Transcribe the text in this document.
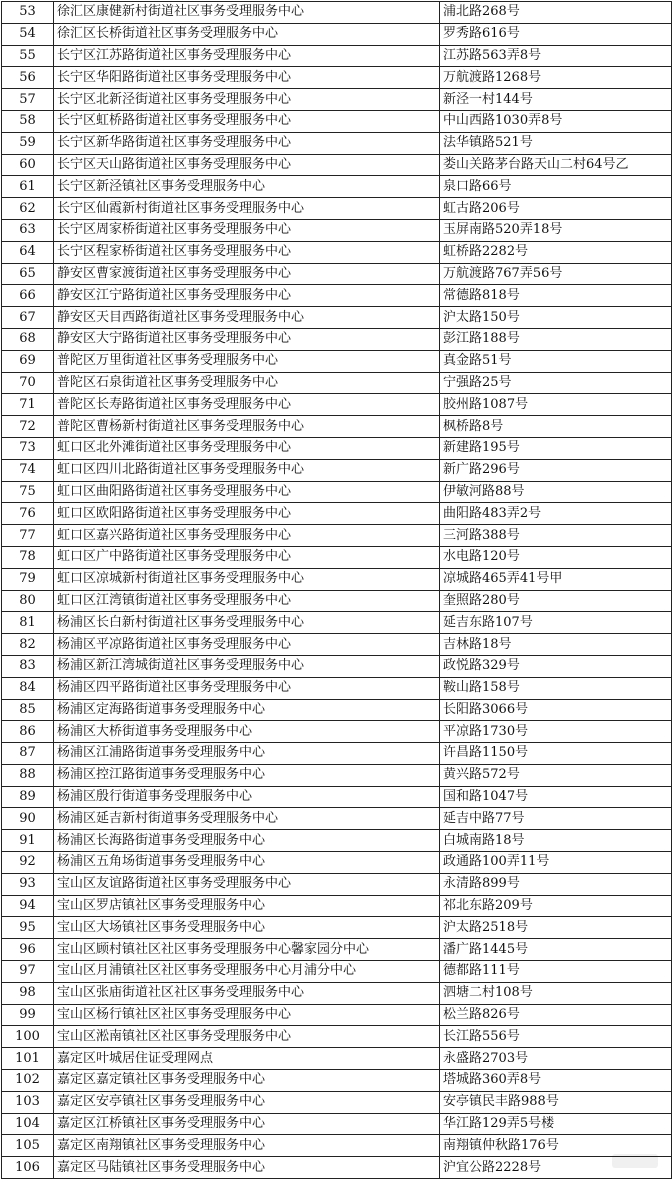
53	徐汇区康健新村街道社区事务受理服务中心	浦北路268号
54	徐汇区长桥街道社区事务受理服务中心	罗秀路616号
55	长宁区江苏路街道社区事务受理服务中心	江苏路563弄8号
56	长宁区华阳路街道社区事务受理服务中心	万航渡路1268号
57	长宁区北新泾街道社区事务受理服务中心	新泾一村144号
58	长宁区虹桥路街道社区事务受理服务中心	中山西路1030弄8号
59	长宁区新华路街道社区事务受理服务中心	法华镇路521号
60	长宁区天山路街道社区事务受理服务中心	娄山关路茅台路天山二村64号乙
61	长宁区新泾镇社区事务受理服务中心	泉口路66号
62	长宁区仙霞新村街道社区事务受理服务中心	虹古路206号
63	长宁区周家桥街道社区事务受理服务中心	玉屏南路520弄18号
64	长宁区程家桥街道社区事务受理服务中心	虹桥路2282号
65	静安区曹家渡街道社区事务受理服务中心	万航渡路767弄56号
66	静安区江宁路街道社区事务受理服务中心	常德路818号
67	静安区天目西路街道社区事务受理服务中心	沪太路150号
68	静安区大宁路街道社区事务受理服务中心	彭江路188号
69	普陀区万里街道社区事务受理服务中心	真金路51号
70	普陀区石泉街道社区事务受理服务中心	宁强路25号
71	普陀区长寿路街道社区事务受理服务中心	胶州路1087号
72	普陀区曹杨新村街道社区事务受理服务中心	枫桥路8号
73	虹口区北外滩街道社区事务受理服务中心	新建路195号
74	虹口区四川北路街道社区事务受理服务中心	新广路296号
75	虹口区曲阳路街道社区事务受理服务中心	伊敏河路88号
76	虹口区欧阳路街道社区事务受理服务中心	曲阳路483弄2号
77	虹口区嘉兴路街道社区事务受理服务中心	三河路388号
78	虹口区广中路街道社区事务受理服务中心	水电路120号
79	虹口区凉城新村街道社区事务受理服务中心	凉城路465弄41号甲
80	虹口区江湾镇街道社区事务受理服务中心	奎照路280号
81	杨浦区长白新村街道社区事务受理服务中心	延吉东路107号
82	杨浦区平凉路街道社区事务受理服务中心	吉林路18号
83	杨浦区新江湾城街道社区事务受理服务中心	政悦路329号
84	杨浦区四平路街道社区事务受理服务中心	鞍山路158号
85	杨浦区定海路街道事务受理服务中心	长阳路3066号
86	杨浦区大桥街道事务受理服务中心	平凉路1730号
87	杨浦区江浦路街道事务受理服务中心	许昌路1150号
88	杨浦区控江路街道事务受理服务中心	黄兴路572号
89	杨浦区殷行街道事务受理服务中心	国和路1047号
90	杨浦区延吉新村街道事务受理服务中心	延吉中路77号
91	杨浦区长海路街道事务受理服务中心	白城南路18号
92	杨浦区五角场街道事务受理服务中心	政通路100弄11号
93	宝山区友谊路街道社区事务受理服务中心	永清路899号
94	宝山区罗店镇社区事务受理服务中心	祁北东路209号
95	宝山区大场镇社区事务受理服务中心	沪太路2518号
96	宝山区顾村镇社区社区事务受理服务中心馨家园分中心	潘广路1445号
97	宝山区月浦镇社区社区事务受理服务中心月浦分中心	德都路111号
98	宝山区张庙街道社区社区事务受理服务中心	泗塘二村108号
99	宝山区杨行镇社区社区事务受理服务中心	松兰路826号
100	宝山区淞南镇社区社区事务受理服务中心	长江路556号
101	嘉定区叶城居住证受理网点	永盛路2703号
102	嘉定区嘉定镇社区事务受理服务中心	塔城路360弄8号
103	嘉定区安亭镇社区事务受理服务中心	安亭镇民丰路988号
104	嘉定区江桥镇社区事务受理服务中心	华江路129弄5号楼
105	嘉定区南翔镇社区事务受理服务中心	南翔镇仲秋路176号
106	嘉定区马陆镇社区事务受理服务中心	沪宜公路2228号
